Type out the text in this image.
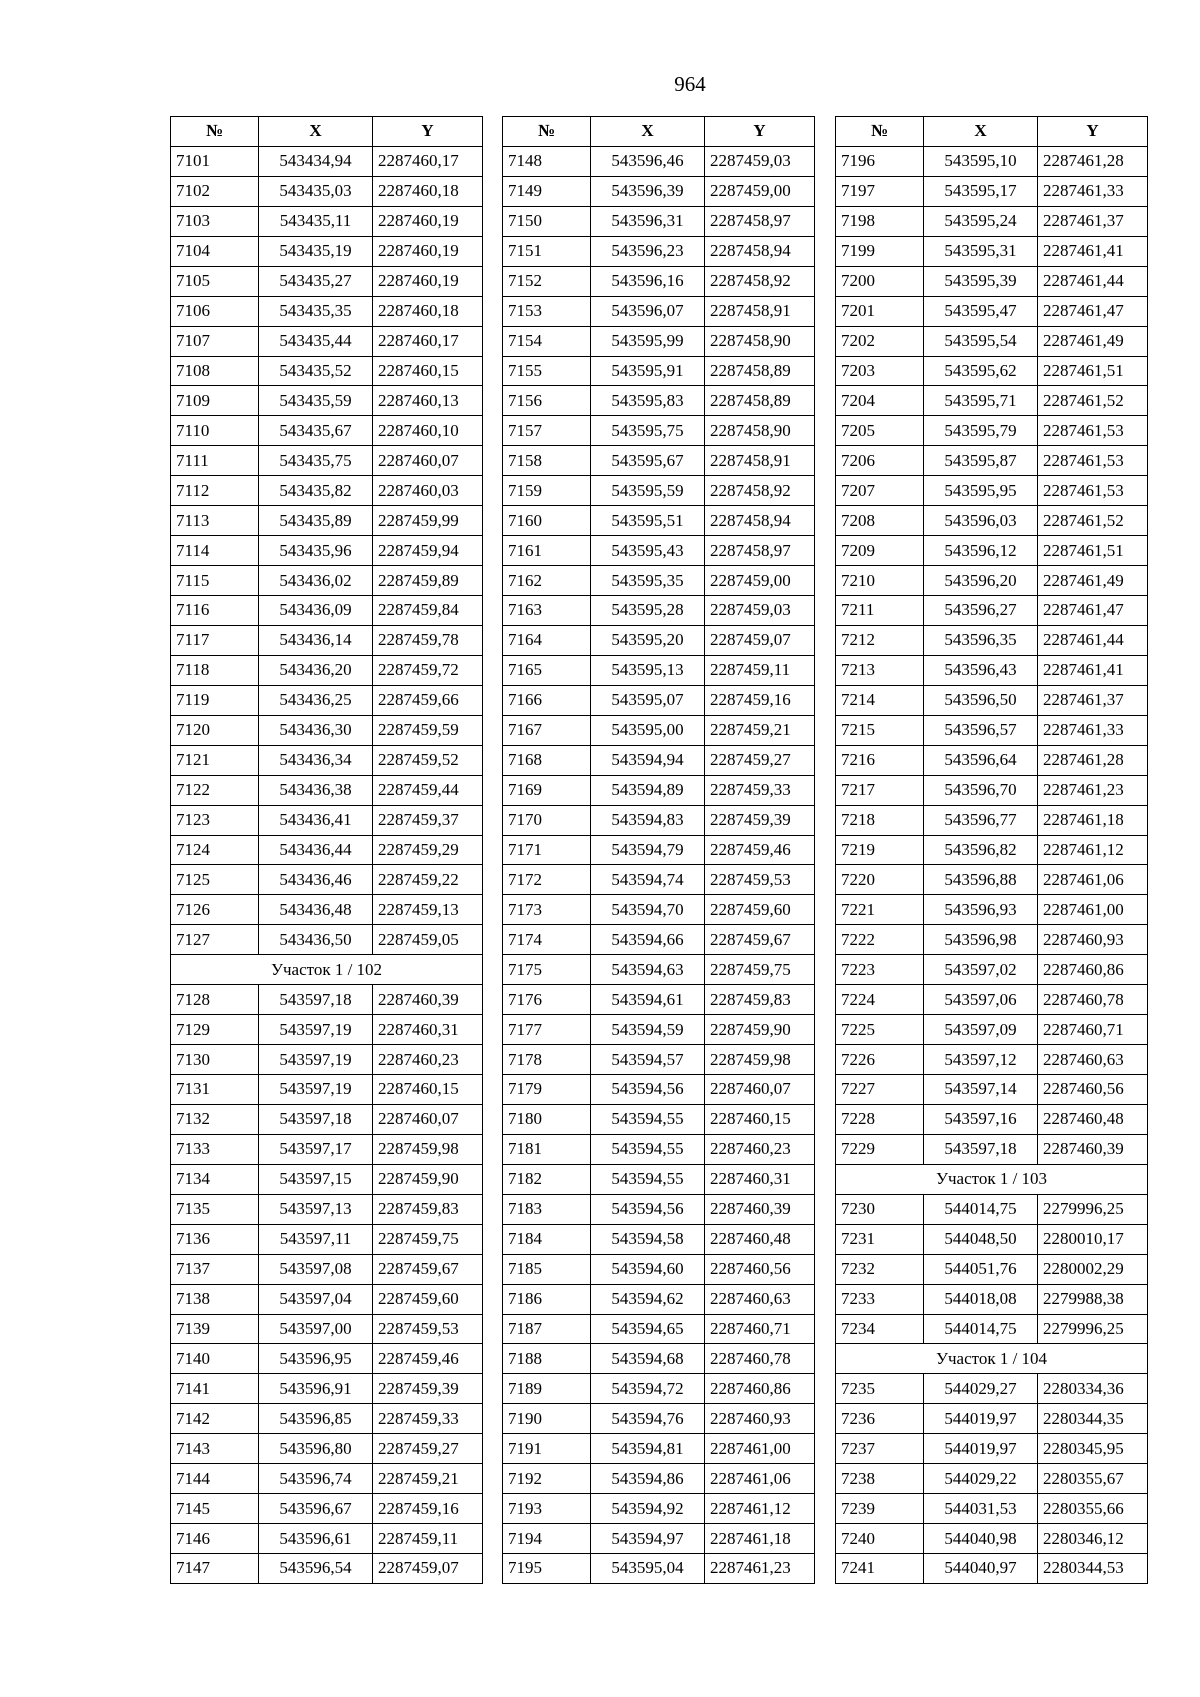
964
№	X	Y
7101	543434,94	2287460,17
7102	543435,03	2287460,18
7103	543435,11	2287460,19
7104	543435,19	2287460,19
7105	543435,27	2287460,19
7106	543435,35	2287460,18
7107	543435,44	2287460,17
7108	543435,52	2287460,15
7109	543435,59	2287460,13
7110	543435,67	2287460,10
7111	543435,75	2287460,07
7112	543435,82	2287460,03
7113	543435,89	2287459,99
7114	543435,96	2287459,94
7115	543436,02	2287459,89
7116	543436,09	2287459,84
7117	543436,14	2287459,78
7118	543436,20	2287459,72
7119	543436,25	2287459,66
7120	543436,30	2287459,59
7121	543436,34	2287459,52
7122	543436,38	2287459,44
7123	543436,41	2287459,37
7124	543436,44	2287459,29
7125	543436,46	2287459,22
7126	543436,48	2287459,13
7127	543436,50	2287459,05
Участок 1 / 102		
7128	543597,18	2287460,39
7129	543597,19	2287460,31
7130	543597,19	2287460,23
7131	543597,19	2287460,15
7132	543597,18	2287460,07
7133	543597,17	2287459,98
7134	543597,15	2287459,90
7135	543597,13	2287459,83
7136	543597,11	2287459,75
7137	543597,08	2287459,67
7138	543597,04	2287459,60
7139	543597,00	2287459,53
7140	543596,95	2287459,46
7141	543596,91	2287459,39
7142	543596,85	2287459,33
7143	543596,80	2287459,27
7144	543596,74	2287459,21
7145	543596,67	2287459,16
7146	543596,61	2287459,11
7147	543596,54	2287459,07
№	X	Y
7148	543596,46	2287459,03
7149	543596,39	2287459,00
7150	543596,31	2287458,97
7151	543596,23	2287458,94
7152	543596,16	2287458,92
7153	543596,07	2287458,91
7154	543595,99	2287458,90
7155	543595,91	2287458,89
7156	543595,83	2287458,89
7157	543595,75	2287458,90
7158	543595,67	2287458,91
7159	543595,59	2287458,92
7160	543595,51	2287458,94
7161	543595,43	2287458,97
7162	543595,35	2287459,00
7163	543595,28	2287459,03
7164	543595,20	2287459,07
7165	543595,13	2287459,11
7166	543595,07	2287459,16
7167	543595,00	2287459,21
7168	543594,94	2287459,27
7169	543594,89	2287459,33
7170	543594,83	2287459,39
7171	543594,79	2287459,46
7172	543594,74	2287459,53
7173	543594,70	2287459,60
7174	543594,66	2287459,67
7175	543594,63	2287459,75
7176	543594,61	2287459,83
7177	543594,59	2287459,90
7178	543594,57	2287459,98
7179	543594,56	2287460,07
7180	543594,55	2287460,15
7181	543594,55	2287460,23
7182	543594,55	2287460,31
7183	543594,56	2287460,39
7184	543594,58	2287460,48
7185	543594,60	2287460,56
7186	543594,62	2287460,63
7187	543594,65	2287460,71
7188	543594,68	2287460,78
7189	543594,72	2287460,86
7190	543594,76	2287460,93
7191	543594,81	2287461,00
7192	543594,86	2287461,06
7193	543594,92	2287461,12
7194	543594,97	2287461,18
7195	543595,04	2287461,23
№	X	Y
7196	543595,10	2287461,28
7197	543595,17	2287461,33
7198	543595,24	2287461,37
7199	543595,31	2287461,41
7200	543595,39	2287461,44
7201	543595,47	2287461,47
7202	543595,54	2287461,49
7203	543595,62	2287461,51
7204	543595,71	2287461,52
7205	543595,79	2287461,53
7206	543595,87	2287461,53
7207	543595,95	2287461,53
7208	543596,03	2287461,52
7209	543596,12	2287461,51
7210	543596,20	2287461,49
7211	543596,27	2287461,47
7212	543596,35	2287461,44
7213	543596,43	2287461,41
7214	543596,50	2287461,37
7215	543596,57	2287461,33
7216	543596,64	2287461,28
7217	543596,70	2287461,23
7218	543596,77	2287461,18
7219	543596,82	2287461,12
7220	543596,88	2287461,06
7221	543596,93	2287461,00
7222	543596,98	2287460,93
7223	543597,02	2287460,86
7224	543597,06	2287460,78
7225	543597,09	2287460,71
7226	543597,12	2287460,63
7227	543597,14	2287460,56
7228	543597,16	2287460,48
7229	543597,18	2287460,39
Участок 1 / 103		
7230	544014,75	2279996,25
7231	544048,50	2280010,17
7232	544051,76	2280002,29
7233	544018,08	2279988,38
7234	544014,75	2279996,25
Участок 1 / 104		
7235	544029,27	2280334,36
7236	544019,97	2280344,35
7237	544019,97	2280345,95
7238	544029,22	2280355,67
7239	544031,53	2280355,66
7240	544040,98	2280346,12
7241	544040,97	2280344,53
